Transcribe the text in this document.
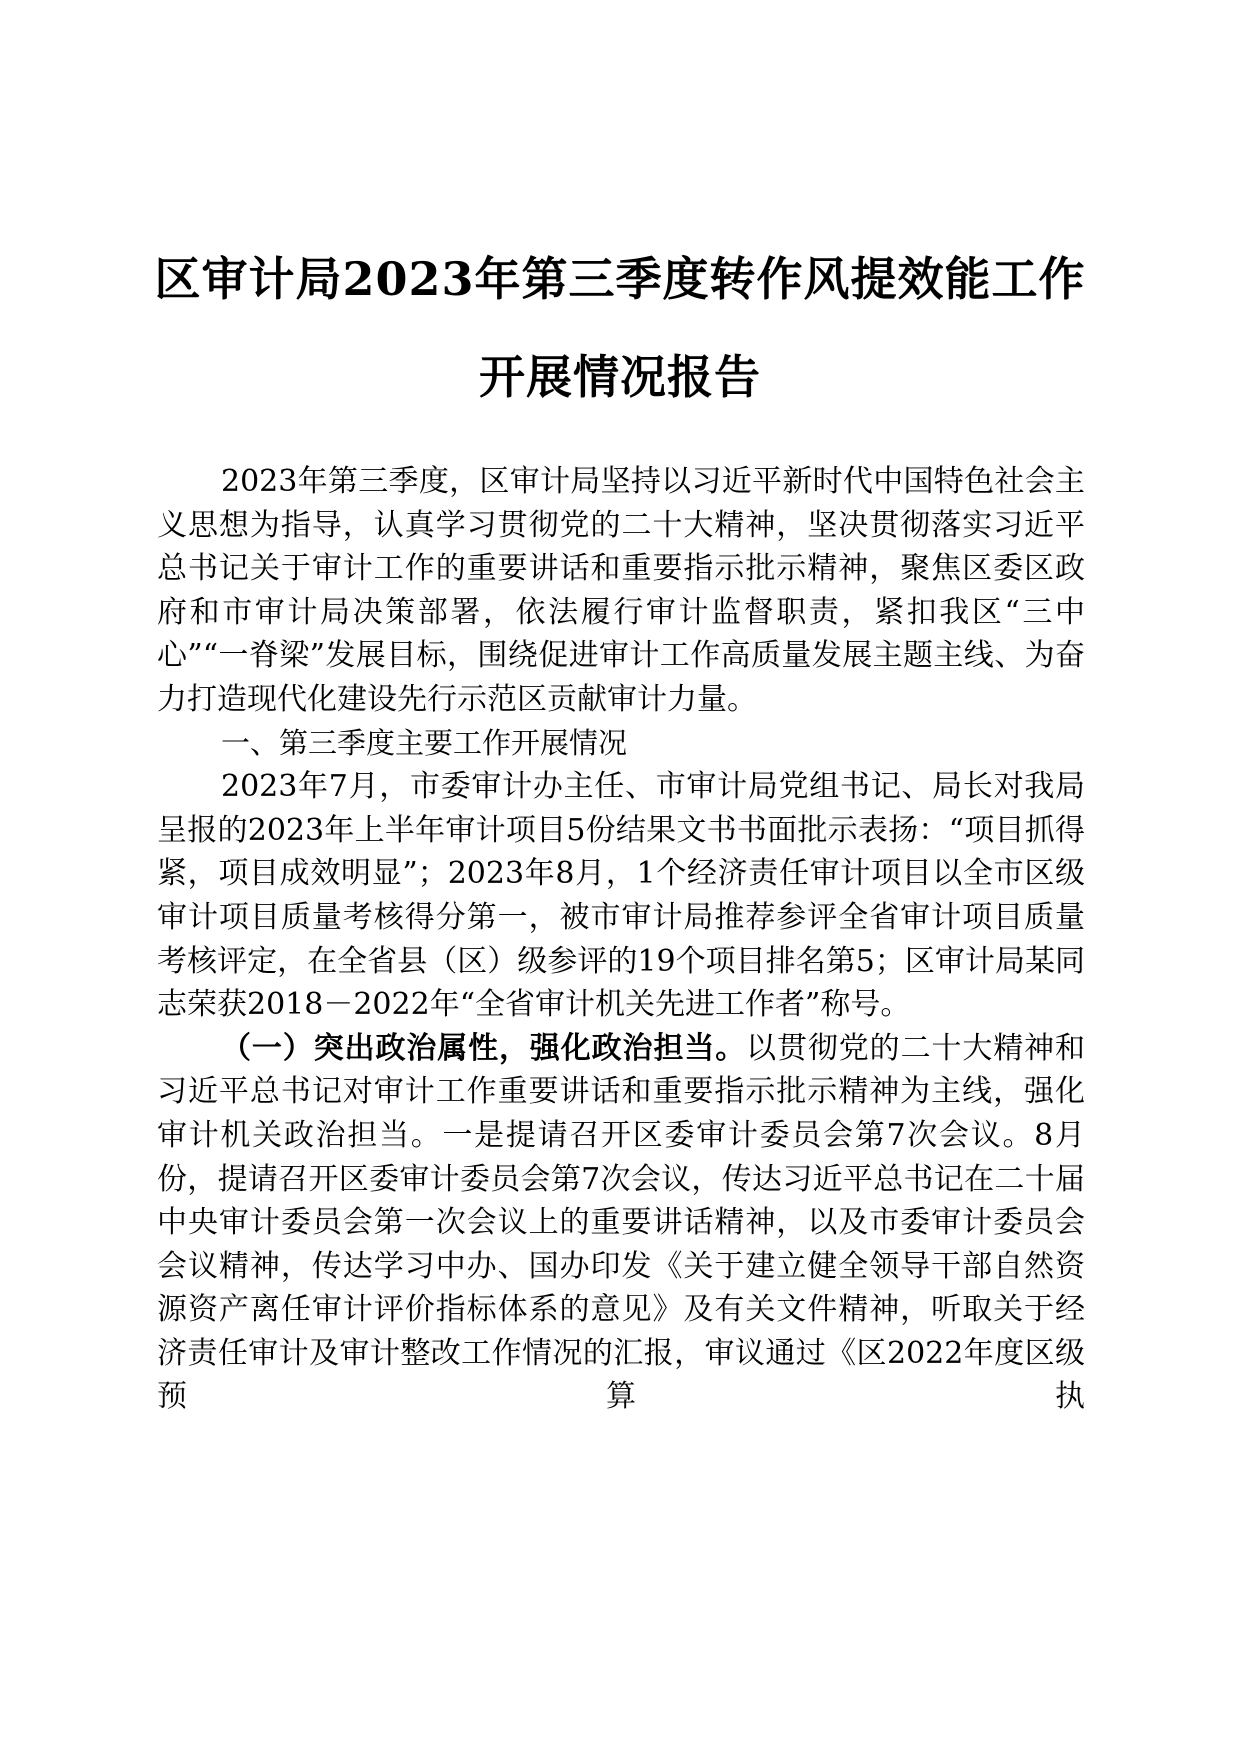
区审计局2023年第三季度转作风提效能工作
开展情况报告

2023年第三季度，区审计局坚持以习近平新时代中国特色社会主义思想为指导，认真学习贯彻党的二十大精神，坚决贯彻落实习近平总书记关于审计工作的重要讲话和重要指示批示精神，聚焦区委区政府和市审计局决策部署，依法履行审计监督职责，紧扣我区“三中心”“一脊梁”发展目标，围绕促进审计工作高质量发展主题主线、为奋力打造现代化建设先行示范区贡献审计力量。

一、第三季度主要工作开展情况

2023年7月，市委审计办主任、市审计局党组书记、局长对我局呈报的2023年上半年审计项目5份结果文书书面批示表扬：“项目抓得紧，项目成效明显”；2023年8月，1个经济责任审计项目以全市区级审计项目质量考核得分第一，被市审计局推荐参评全省审计项目质量考核评定，在全省县（区）级参评的19个项目排名第5；区审计局某同志荣获2018－2022年“全省审计机关先进工作者”称号。

（一）突出政治属性，强化政治担当。以贯彻党的二十大精神和习近平总书记对审计工作重要讲话和重要指示批示精神为主线，强化审计机关政治担当。一是提请召开区委审计委员会第7次会议。8月份，提请召开区委审计委员会第7次会议，传达习近平总书记在二十届中央审计委员会第一次会议上的重要讲话精神，以及市委审计委员会会议精神，传达学习中办、国办印发《关于建立健全领导干部自然资源资产离任审计评价指标体系的意见》及有关文件精神，听取关于经济责任审计及审计整改工作情况的汇报，审议通过《区2022年度区级预算执
